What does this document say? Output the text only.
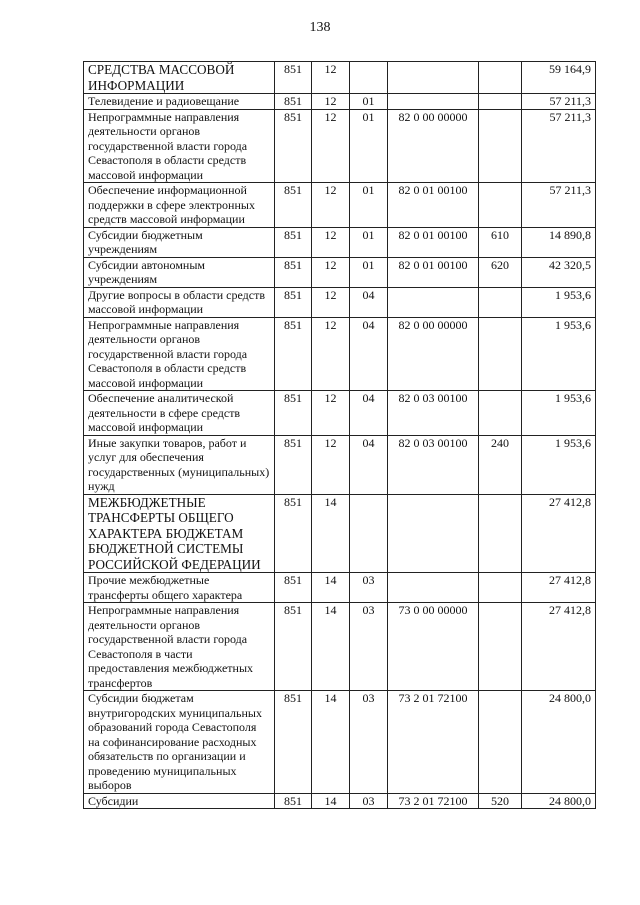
138
СРЕДСТВА МАССОВОЙ ИНФОРМАЦИИ	851	12				59 164,9
Телевидение и радиовещание	851	12	01			57 211,3
Непрограммные направления деятельности органов государственной власти города Севастополя в области средств массовой информации	851	12	01	82 0 00 00000		57 211,3
Обеспечение информационной поддержки в сфере электронных средств массовой информации	851	12	01	82 0 01 00100		57 211,3
Субсидии бюджетным учреждениям	851	12	01	82 0 01 00100	610	14 890,8
Субсидии автономным учреждениям	851	12	01	82 0 01 00100	620	42 320,5
Другие вопросы в области средств массовой информации	851	12	04			1 953,6
Непрограммные направления деятельности органов государственной власти города Севастополя в области средств массовой информации	851	12	04	82 0 00 00000		1 953,6
Обеспечение аналитической деятельности в сфере средств массовой информации	851	12	04	82 0 03 00100		1 953,6
Иные закупки товаров, работ и услуг для обеспечения государственных (муниципальных) нужд	851	12	04	82 0 03 00100	240	1 953,6
МЕЖБЮДЖЕТНЫЕ ТРАНСФЕРТЫ ОБЩЕГО ХАРАКТЕРА БЮДЖЕТАМ БЮДЖЕТНОЙ СИСТЕМЫ РОССИЙСКОЙ ФЕДЕРАЦИИ	851	14				27 412,8
Прочие межбюджетные трансферты общего характера	851	14	03			27 412,8
Непрограммные направления деятельности органов государственной власти города Севастополя в части предоставления межбюджетных трансфертов	851	14	03	73 0 00 00000		27 412,8
Субсидии бюджетам внутригородских муниципальных образований города Севастополя на софинансирование расходных обязательств по организации и проведению муниципальных выборов	851	14	03	73 2 01 72100		24 800,0
Субсидии	851	14	03	73 2 01 72100	520	24 800,0
